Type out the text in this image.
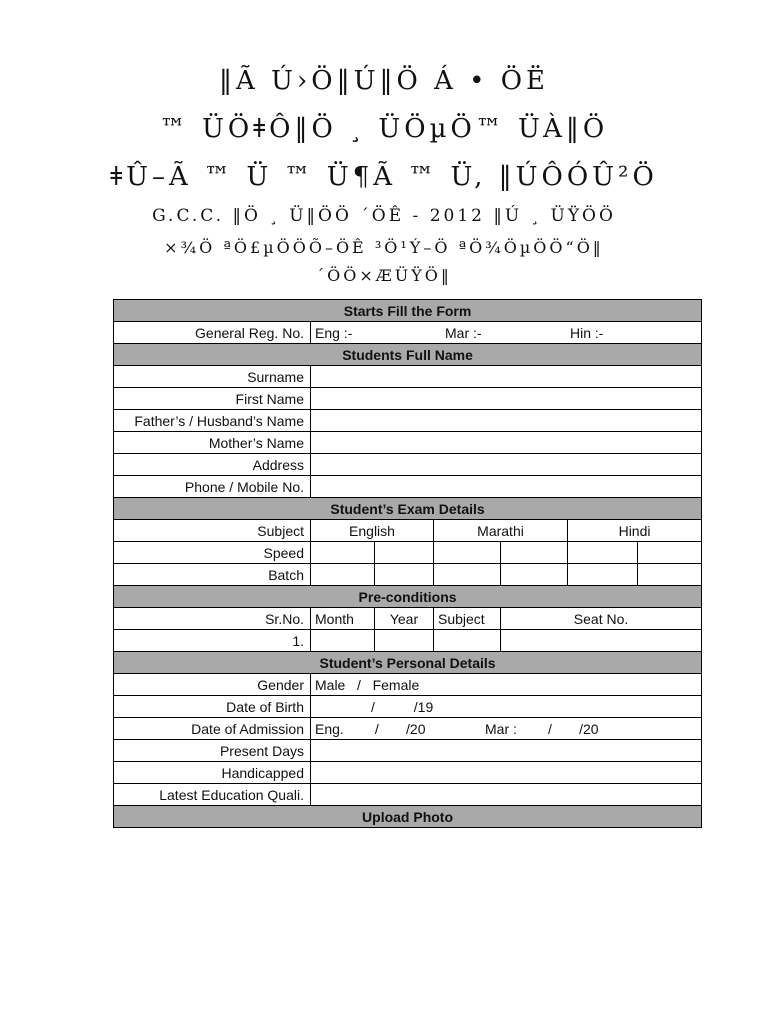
‖Ã Ú›Ö‖Ú‖Ö Á • ÖË
™ ÜÖǂÔ‖Ö ¸ ÜÖµÖ™ ÜÀ‖Ö
ǂÛ–Ã ™ Ü ™ Ü¶Ã ™ Ü, ‖ÚÔÓÛ²Ö
G.C.C. ‖Ö ¸ Ü‖ÖÖ ´ÖÊ - 2012 ‖Ú ¸ ÜŸÖÖ
×¾Ö ªÖ£µÖÖÕ–ÖÊ ³Ö¹Ý–Ö ªÖ¾ÖµÖÖ“Ö‖
´ÖÖ×ÆÜŸÖ‖
Starts Fill the Form						
General Reg. No.	Eng :- Mar :- Hin :-					
Students Full Name						
Surname						
First Name						
Father’s / Husband’s Name						
Mother’s Name						
Address						
Phone / Mobile No.						
Student’s Exam Details						
Subject	English		Marathi		Hindi	
Speed						
Batch						
Pre-conditions						
Sr.No.	Month	Year	Subject	Seat No.		
1.						
Student’s Personal Details						
Gender	Male   /   Female					
Date of Birth	/          /19					
Date of Admission	Eng.        /       /20 Mar :        /       /20					
Present Days						
Handicapped						
Latest Education Quali.						
Upload Photo						
